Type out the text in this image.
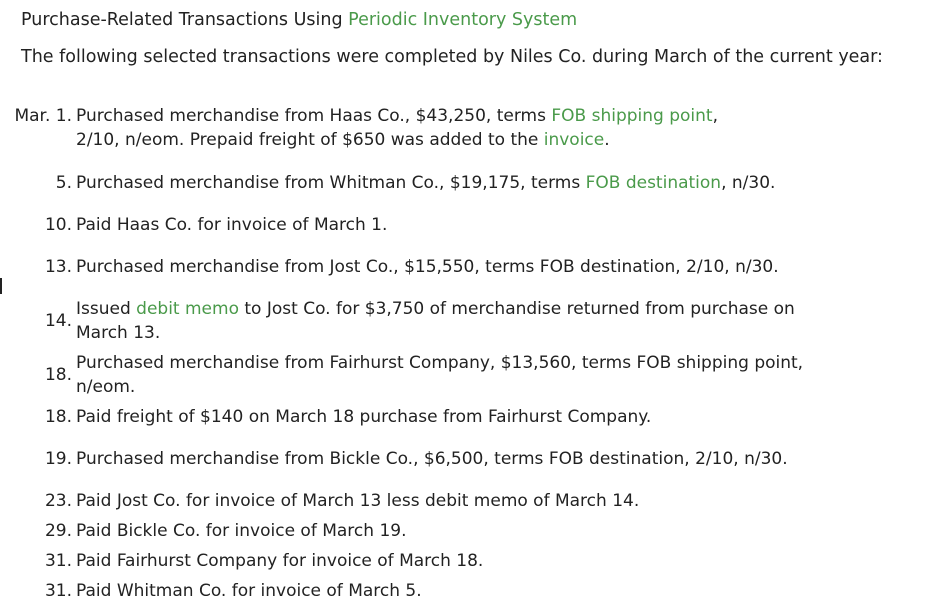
Purchase-Related Transactions Using Periodic Inventory System
The following selected transactions were completed by Niles Co. during March of the current year:
Mar. 1. Purchased merchandise from Haas Co., $43,250, terms FOB shipping point,
2/10, n/eom. Prepaid freight of $650 was added to the invoice.
5. Purchased merchandise from Whitman Co., $19,175, terms FOB destination, n/30.
10. Paid Haas Co. for invoice of March 1.
13. Purchased merchandise from Jost Co., $15,550, terms FOB destination, 2/10, n/30.
14.
Issued debit memo to Jost Co. for $3,750 of merchandise returned from purchase on March 13.
18.
Purchased merchandise from Fairhurst Company, $13,560, terms FOB shipping point, n/eom.
18. Paid freight of $140 on March 18 purchase from Fairhurst Company.
19. Purchased merchandise from Bickle Co., $6,500, terms FOB destination, 2/10, n/30.
23. Paid Jost Co. for invoice of March 13 less debit memo of March 14.
29. Paid Bickle Co. for invoice of March 19.
31. Paid Fairhurst Company for invoice of March 18.
31. Paid Whitman Co. for invoice of March 5.
